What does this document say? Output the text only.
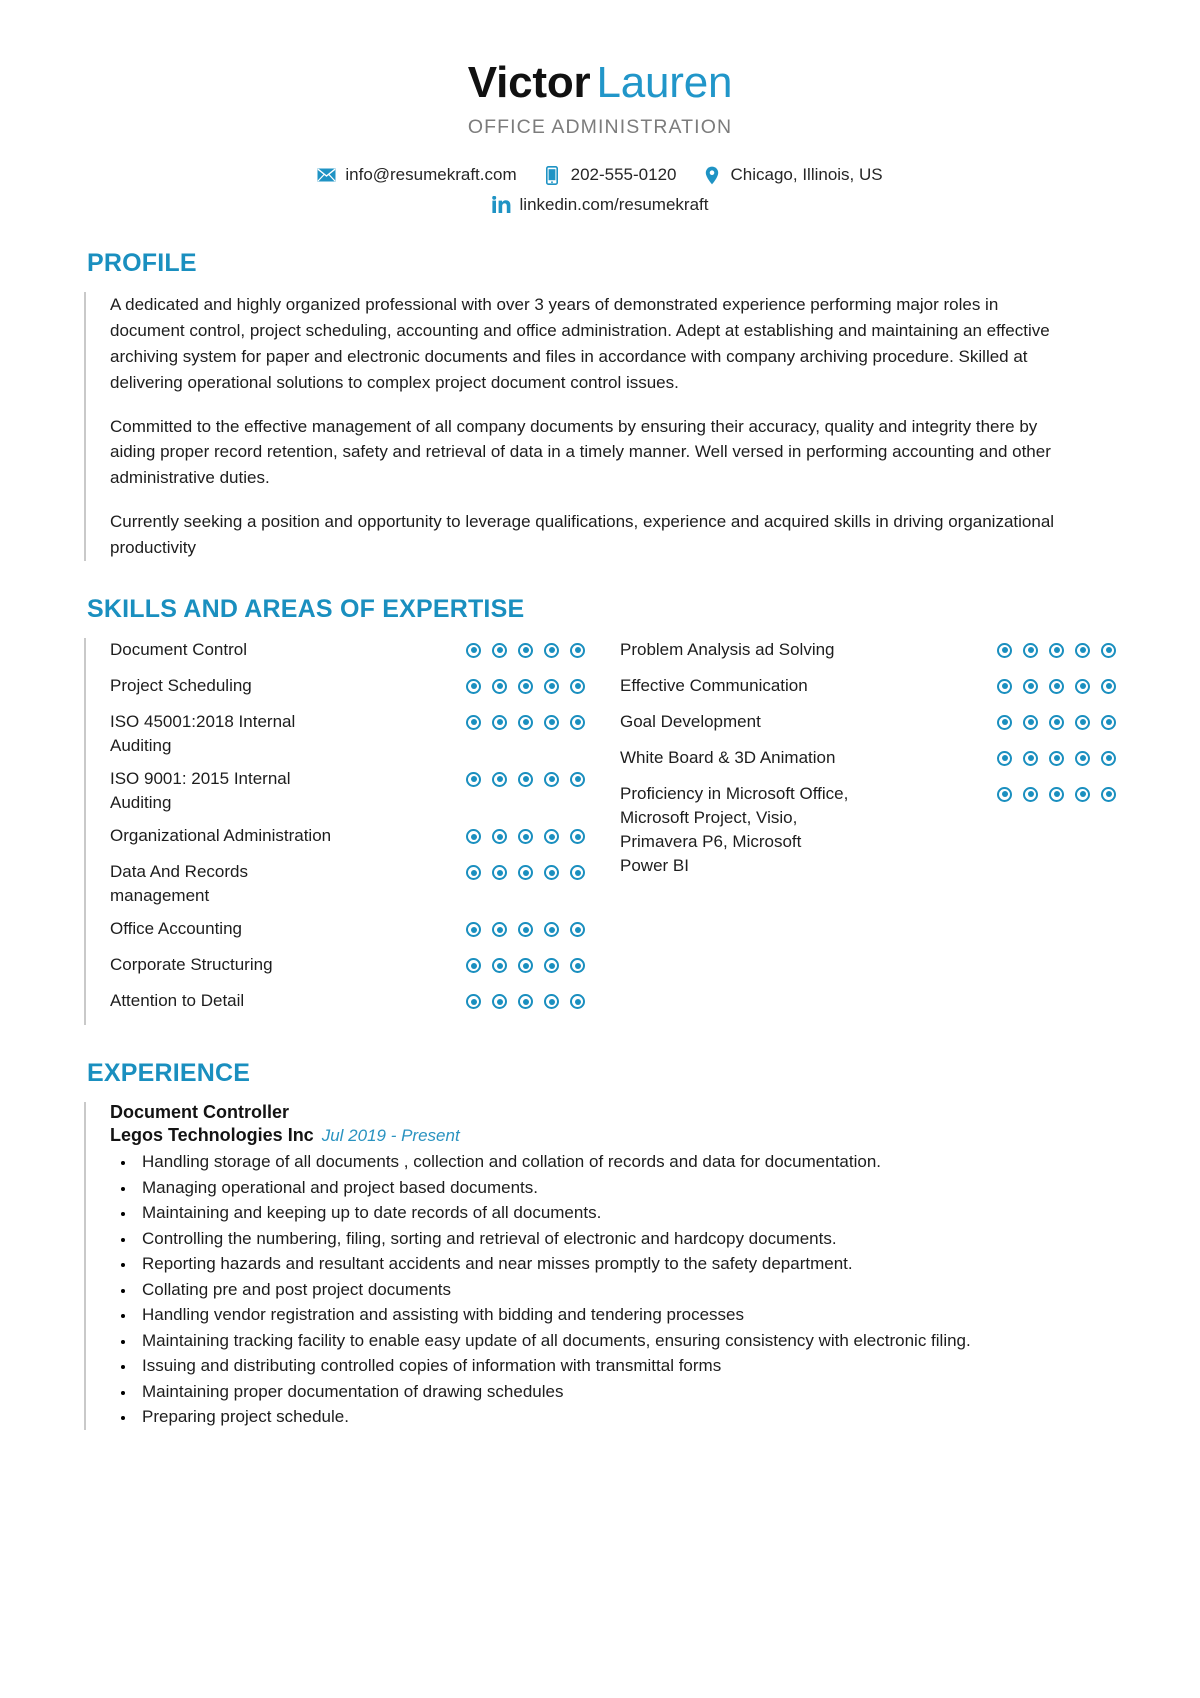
Victor Lauren
OFFICE ADMINISTRATION
info@resumekraft.com	202-555-0120	Chicago, Illinois, US
linkedin.com/resumekraft
PROFILE

A dedicated and highly organized professional with over 3 years of demonstrated experience performing major roles in document control, project scheduling, accounting and office administration. Adept at establishing and maintaining an effective archiving system for paper and electronic documents and files in accordance with company archiving procedure. Skilled at delivering operational solutions to complex project document control issues.

Committed to the effective management of all company documents by ensuring their accuracy, quality and integrity there by aiding proper record retention, safety and retrieval of data in a timely manner. Well versed in performing accounting and other administrative duties.

Currently seeking a position and opportunity to leverage qualifications, experience and acquired skills in driving organizational productivity

SKILLS AND AREAS OF EXPERTISE
Document Control
Project Scheduling
ISO 45001:2018 Internal Auditing
ISO 9001: 2015 Internal Auditing
Organizational Administration
Data And Records management
Office Accounting
Corporate Structuring
Attention to Detail
Problem Analysis ad Solving
Effective Communication
Goal Development
White Board & 3D Animation
Proficiency in Microsoft Office, Microsoft Project, Visio, Primavera P6, Microsoft Power BI
EXPERIENCE
Document Controller
Legos Technologies Inc Jul 2019 - Present
• Handling storage of all documents , collection and collation of records and data for documentation.
• Managing operational and project based documents.
• Maintaining and keeping up to date records of all documents.
• Controlling the numbering, filing, sorting and retrieval of electronic and hardcopy documents.
• Reporting hazards and resultant accidents and near misses promptly to the safety department.
• Collating pre and post project documents
• Handling vendor registration and assisting with bidding and tendering processes
• Maintaining tracking facility to enable easy update of all documents, ensuring consistency with electronic filing.
• Issuing and distributing controlled copies of information with transmittal forms
• Maintaining proper documentation of drawing schedules
• Preparing project schedule.
